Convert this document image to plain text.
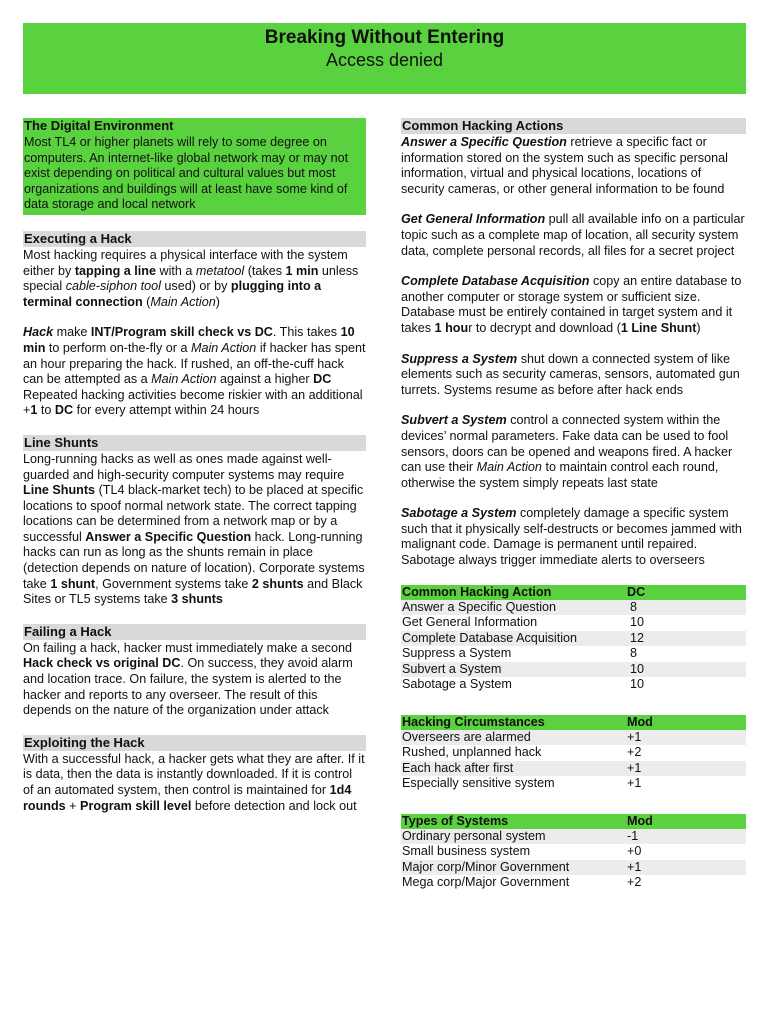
Breaking Without Entering
Access denied
The Digital Environment
Most TL4 or higher planets will rely to some degree on computers. An internet-like global network may or may not exist depending on political and cultural values but most organizations and buildings will at least have some kind of data storage and local network
Executing a Hack
Most hacking requires a physical interface with the system either by tapping a line with a metatool (takes 1 min unless special cable-siphon tool used) or by plugging into a terminal connection (Main Action)
Hack make INT/Program skill check vs DC. This takes 10 min to perform on-the-fly or a Main Action if hacker has spent an hour preparing the hack. If rushed, an off-the-cuff hack can be attempted as a Main Action against a higher DC Repeated hacking activities become riskier with an additional +1 to DC for every attempt within 24 hours
Line Shunts
Long-running hacks as well as ones made against well-guarded and high-security computer systems may require Line Shunts (TL4 black-market tech) to be placed at specific locations to spoof normal network state. The correct tapping locations can be determined from a network map or by a successful Answer a Specific Question hack. Long-running hacks can run as long as the shunts remain in place (detection depends on nature of location). Corporate systems take 1 shunt, Government systems take 2 shunts and Black Sites or TL5 systems take 3 shunts
Failing a Hack
On failing a hack, hacker must immediately make a second Hack check vs original DC. On success, they avoid alarm and location trace. On failure, the system is alerted to the hacker and reports to any overseer. The result of this depends on the nature of the organization under attack
Exploiting the Hack
With a successful hack, a hacker gets what they are after. If it is data, then the data is instantly downloaded. If it is control of an automated system, then control is maintained for 1d4 rounds + Program skill level before detection and lock out
Common Hacking Actions
Answer a Specific Question retrieve a specific fact or information stored on the system such as specific personal information, virtual and physical locations, locations of security cameras, or other general information to be found
Get General Information pull all available info on a particular topic such as a complete map of location, all security system data, complete personal records, all files for a secret project
Complete Database Acquisition copy an entire database to another computer or storage system or sufficient size. Database must be entirely contained in target system and it takes 1 hour to decrypt and download (1 Line Shunt)
Suppress a System shut down a connected system of like elements such as security cameras, sensors, automated gun turrets. Systems resume as before after hack ends
Subvert a System control a connected system within the devices’ normal parameters. Fake data can be used to fool sensors, doors can be opened and weapons fired. A hacker can use their Main Action to maintain control each round, otherwise the system simply repeats last state
Sabotage a System completely damage a specific system such that it physically self-destructs or becomes jammed with malignant code. Damage is permanent until repaired. Sabotage always trigger immediate alerts to overseers
Common Hacking Action	DC
Answer a Specific Question	8
Get General Information	10
Complete Database Acquisition	12
Suppress a System	8
Subvert a System	10
Sabotage a System	10
Hacking Circumstances	Mod
Overseers are alarmed	+1
Rushed, unplanned hack	+2
Each hack after first	+1
Especially sensitive system	+1
Types of Systems	Mod
Ordinary personal system	-1
Small business system	+0
Major corp/Minor Government	+1
Mega corp/Major Government	+2
